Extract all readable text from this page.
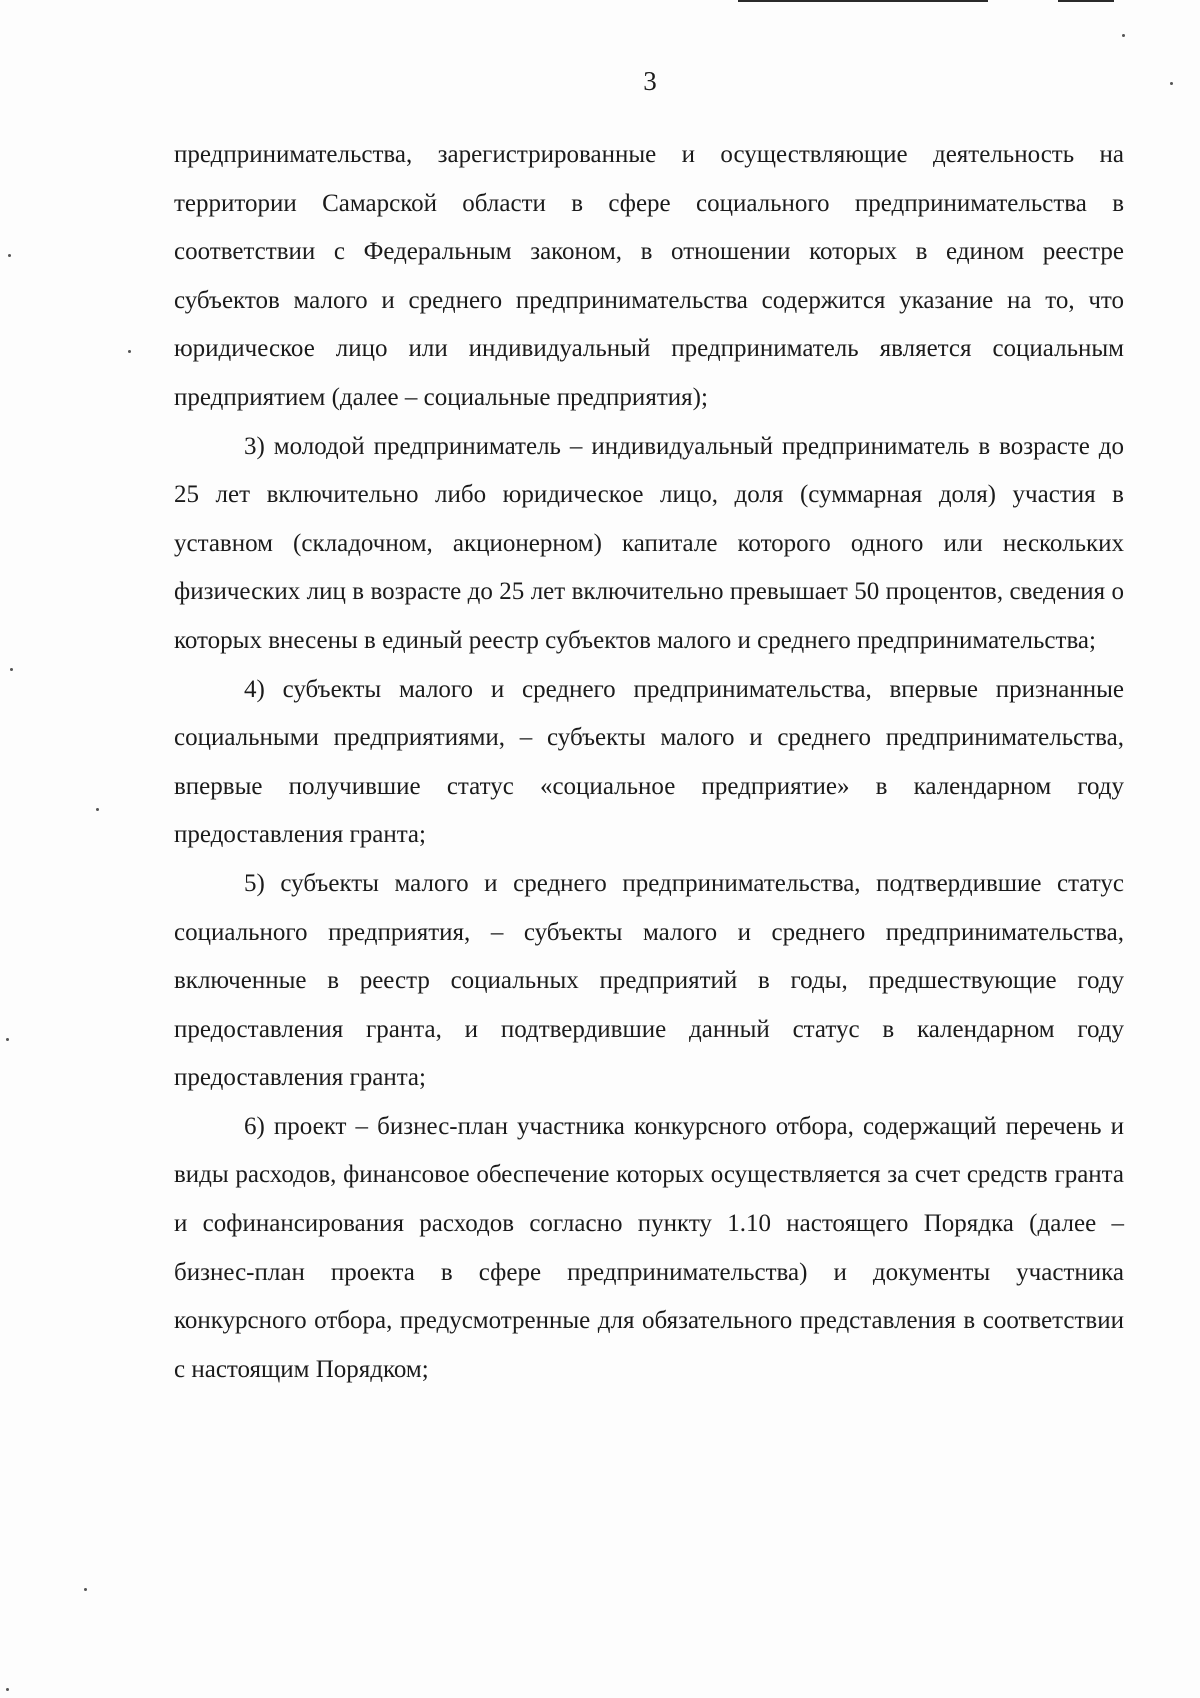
3

предпринимательства, зарегистрированные и осуществляющие деятельность на территории Самарской области в сфере социального предпринимательства в соответствии с Федеральным законом, в отношении которых в едином реестре субъектов малого и среднего предпринимательства содержится указание на то, что юридическое лицо или индивидуальный предприниматель является социальным предприятием (далее – социальные предприятия);

3) молодой предприниматель – индивидуальный предприниматель в возрасте до 25 лет включительно либо юридическое лицо, доля (суммарная доля) участия в уставном (складочном, акционерном) капитале которого одного или нескольких физических лиц в возрасте до 25 лет включительно превышает 50 процентов, сведения о которых внесены в единый реестр субъектов малого и среднего предпринимательства;

4) субъекты малого и среднего предпринимательства, впервые признанные социальными предприятиями, – субъекты малого и среднего предпринимательства, впервые получившие статус «социальное предприятие» в календарном году предоставления гранта;

5) субъекты малого и среднего предпринимательства, подтвердившие статус социального предприятия, – субъекты малого и среднего предпринимательства, включенные в реестр социальных предприятий в годы, предшествующие году предоставления гранта, и подтвердившие данный статус в календарном году предоставления гранта;

6) проект – бизнес-план участника конкурсного отбора, содержащий перечень и виды расходов, финансовое обеспечение которых осуществляется за счет средств гранта и софинансирования расходов согласно пункту 1.10 настоящего Порядка (далее – бизнес-план проекта в сфере предпринимательства) и документы участника конкурсного отбора, предусмотренные для обязательного представления в соответствии с настоящим Порядком;
